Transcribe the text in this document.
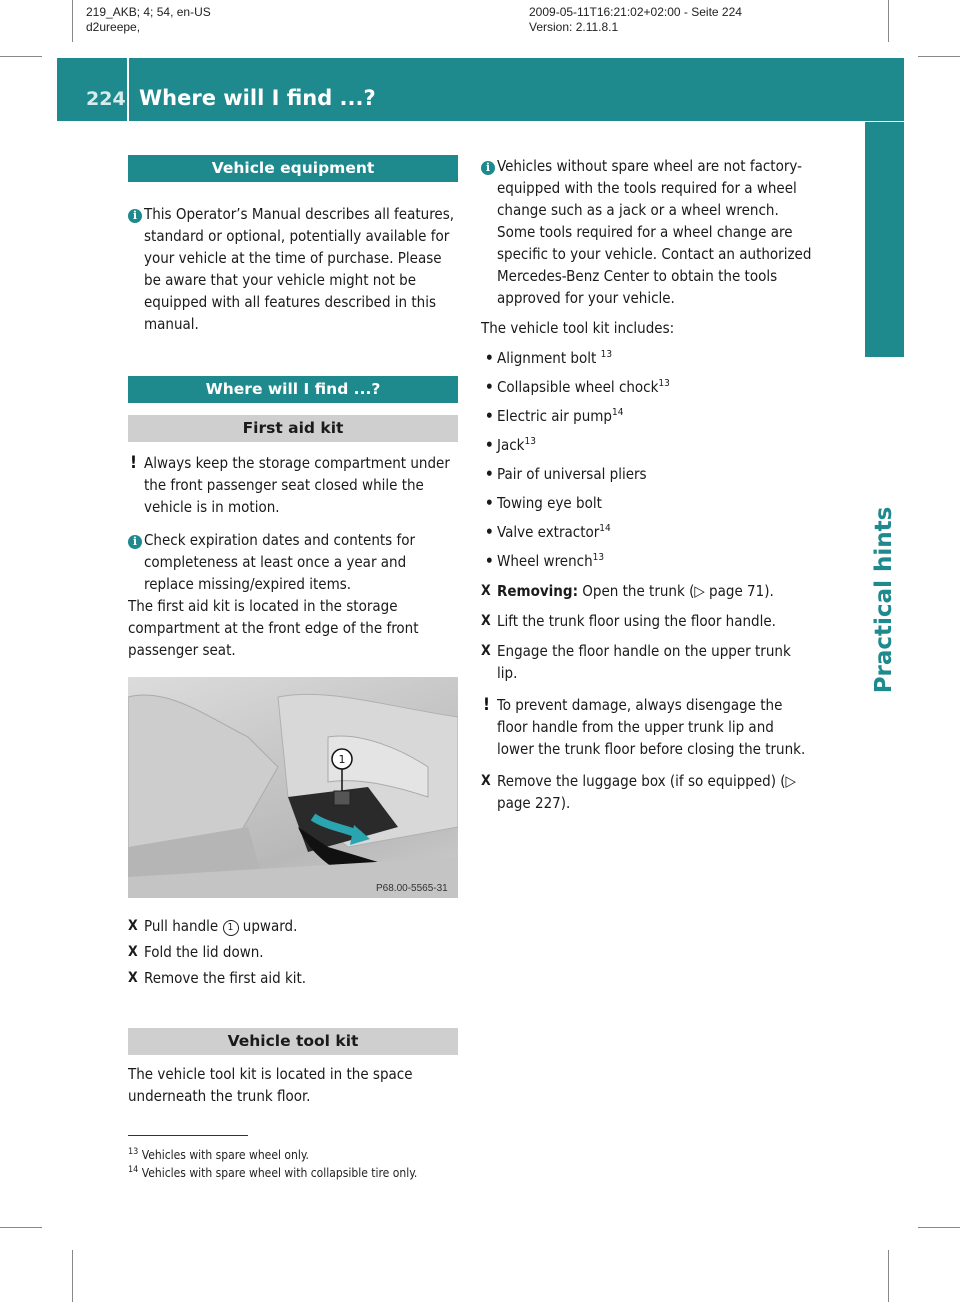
219_AKB; 4; 54, en-US
d2ureepe,
2009-05-11T16:21:02+02:00 - Seite 224
Version: 2.11.8.1
224 Where will I find ...?
Practical hints
Vehicle equipment
i This Operator’s Manual describes all features, standard or optional, potentially available for your vehicle at the time of purchase. Please be aware that your vehicle might not be equipped with all features described in this manual.
Where will I find ...?
First aid kit
! Always keep the storage compartment under the front passenger seat closed while the vehicle is in motion.
i Check expiration dates and contents for completeness at least once a year and replace missing/expired items.

The first aid kit is located in the storage compartment at the front edge of the front passenger seat.

P68.00-5565-31
1
X Pull handle 1 upward.
X Fold the lid down.
X Remove the first aid kit.
Vehicle tool kit

The vehicle tool kit is located in the space underneath the trunk floor.

i Vehicles without spare wheel are not factory-equipped with the tools required for a wheel change such as a jack or a wheel wrench. Some tools required for a wheel change are specific to your vehicle. Contact an authorized Mercedes-Benz Center to obtain the tools approved for your vehicle.

The vehicle tool kit includes:

• Alignment bolt $^{13}$
• Collapsible wheel chock$^{13}$
• Electric air pump$^{14}$
• Jack$^{13}$
• Pair of universal pliers
• Towing eye bolt
• Valve extractor$^{14}$
• Wheel wrench$^{13}$
X Removing: Open the trunk (▷ page 71).
X Lift the trunk floor using the floor handle.
X Engage the floor handle on the upper trunk lip.
! To prevent damage, always disengage the floor handle from the upper trunk lip and lower the trunk floor before closing the trunk.
X Remove the luggage box (if so equipped) (▷ page 227).
$^{13}$ Vehicles with spare wheel only.
$^{14}$ Vehicles with spare wheel with collapsible tire only.
